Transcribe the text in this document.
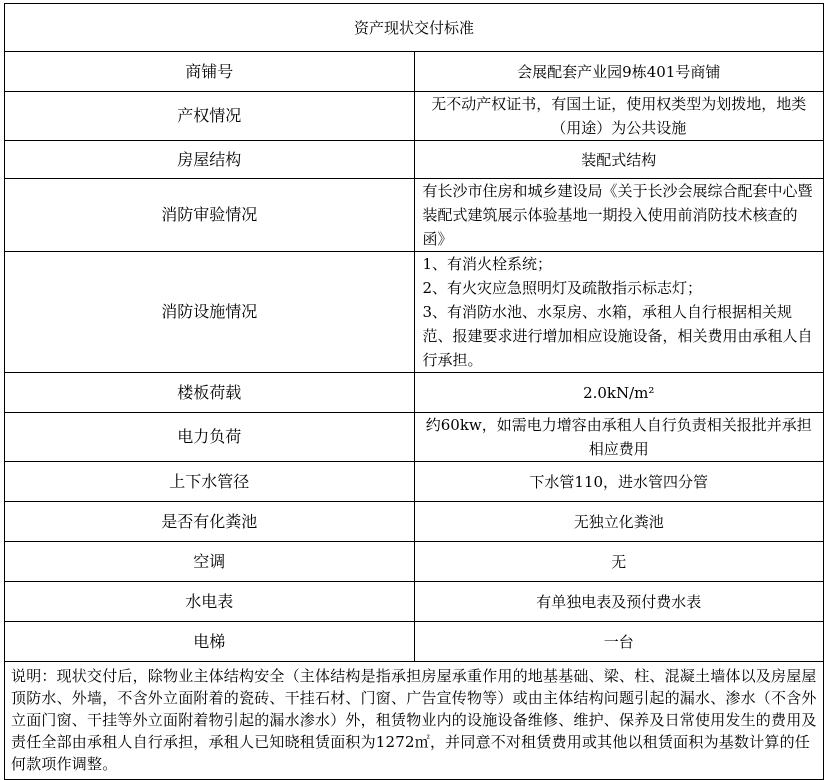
资产现状交付标准	
商铺号	会展配套产业园9栋401号商铺
产权情况	无不动产权证书，有国土证，使用权类型为划拨地，地类（用途）为公共设施
房屋结构	装配式结构
消防审验情况	有长沙市住房和城乡建设局《关于长沙会展综合配套中心暨装配式建筑展示体验基地一期投入使用前消防技术核查的函》
消防设施情况	1、有消火栓系统；
2、有火灾应急照明灯及疏散指示标志灯；
3、有消防水池、水泵房、水箱，承租人自行根据相关规范、报建要求进行增加相应设施设备，相关费用由承租人自行承担。

楼板荷载	2.0kN/m²
电力负荷	约60kw，如需电力增容由承租人自行负责相关报批并承担相应费用
上下水管径	下水管110，进水管四分管
是否有化粪池	无独立化粪池
空调	无
水电表	有单独电表及预付费水表
电梯	一台
说明：现状交付后，除物业主体结构安全（主体结构是指承担房屋承重作用的地基基础、梁、柱、混凝土墙体以及房屋屋顶防水、外墙，不含外立面附着的瓷砖、干挂石材、门窗、广告宣传物等）或由主体结构问题引起的漏水、渗水（不含外立面门窗、干挂等外立面附着物引起的漏水渗水）外，租赁物业内的设施设备维修、维护、保养及日常使用发生的费用及责任全部由承租人自行承担，承租人已知晓租赁面积为1272㎡，并同意不对租赁费用或其他以租赁面积为基数计算的任何款项作调整。	
